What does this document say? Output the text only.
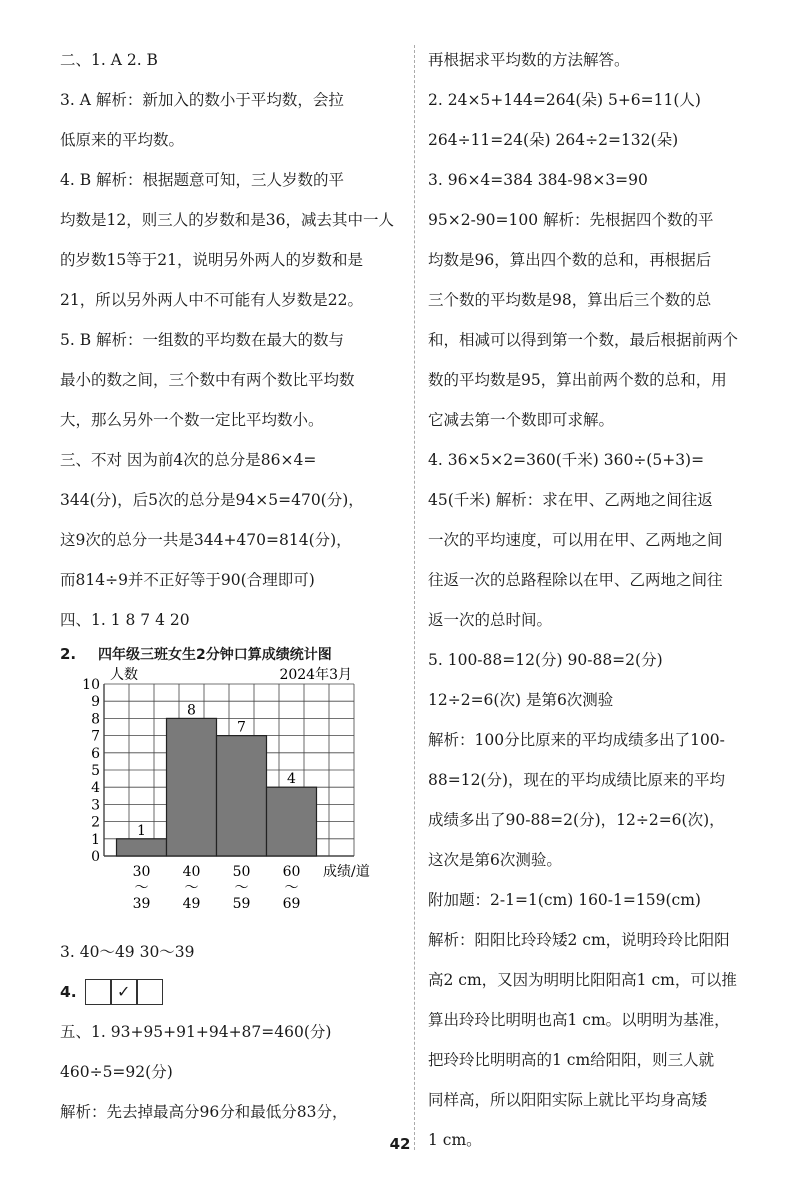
二、1. A 2. B
3. A 解析：新加入的数小于平均数，会拉
低原来的平均数。
4. B 解析：根据题意可知，三人岁数的平
均数是12，则三人的岁数和是36，减去其中一人
的岁数15等于21，说明另外两人的岁数和是
21，所以另外两人中不可能有人岁数是22。
5. B 解析：一组数的平均数在最大的数与
最小的数之间，三个数中有两个数比平均数
大，那么另外一个数一定比平均数小。
三、不对 因为前4次的总分是86×4=
344(分)，后5次的总分是94×5=470(分)，
这9次的总分一共是344+470=814(分)，
而814÷9并不正好等于90(合理即可)
四、1. 1 8 7 4 20
2.	四年级三班女生2分钟口算成绩统计图
0
1
2
3
4
5
6
7
8
9
10
人数	2024年3月
1
30
～
39
8
40
～
49
7
50
～
59
4
60
～
69
成绩/道
3. 40～49 30～39
4.	✓
五、1. 93+95+91+94+87=460(分)
460÷5=92(分)
解析：先去掉最高分96分和最低分83分，
再根据求平均数的方法解答。
2. 24×5+144=264(朵) 5+6=11(人)
264÷11=24(朵) 264÷2=132(朵)
3. 96×4=384 384-98×3=90
95×2-90=100 解析：先根据四个数的平
均数是96，算出四个数的总和，再根据后
三个数的平均数是98，算出后三个数的总
和，相减可以得到第一个数，最后根据前两个
数的平均数是95，算出前两个数的总和，用
它减去第一个数即可求解。
4. 36×5×2=360(千米) 360÷(5+3)=
45(千米) 解析：求在甲、乙两地之间往返
一次的平均速度，可以用在甲、乙两地之间
往返一次的总路程除以在甲、乙两地之间往
返一次的总时间。
5. 100-88=12(分) 90-88=2(分)
12÷2=6(次) 是第6次测验
解析：100分比原来的平均成绩多出了100-
88=12(分)，现在的平均成绩比原来的平均
成绩多出了90-88=2(分)，12÷2=6(次)，
这次是第6次测验。
附加题：2-1=1(cm) 160-1=159(cm)
解析：阳阳比玲玲矮2 cm，说明玲玲比阳阳
高2 cm，又因为明明比阳阳高1 cm，可以推
算出玲玲比明明也高1 cm。以明明为基准，
把玲玲比明明高的1 cm给阳阳，则三人就
同样高，所以阳阳实际上就比平均身高矮
1 cm。
42
